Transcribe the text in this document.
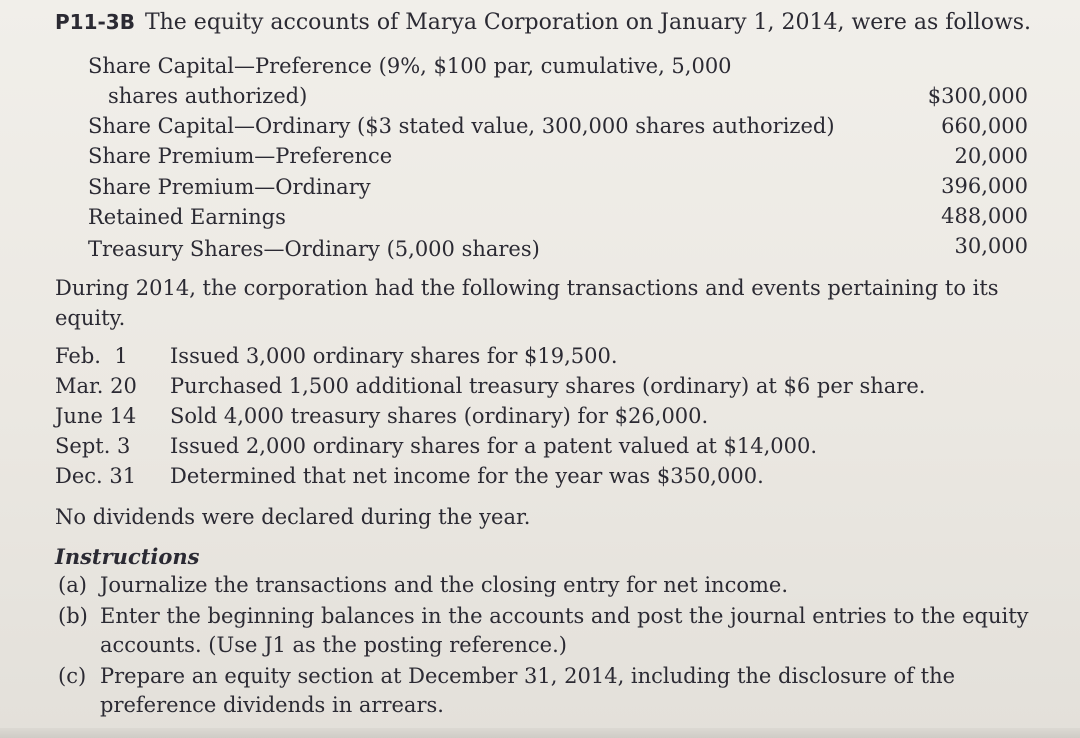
P11-3B The equity accounts of Marya Corporation on January 1, 2014, were as follows.
Share Capital—Preference (9%, $100 par, cumulative, 5,000
shares authorized)	$300,000
Share Capital—Ordinary ($3 stated value, 300,000 shares authorized)	660,000
Share Premium—Preference	20,000
Share Premium—Ordinary	396,000
Retained Earnings	488,000
Treasury Shares—Ordinary (5,000 shares)	30,000
During 2014, the corporation had the following transactions and events pertaining to its
equity.
Feb.  1 Issued 3,000 ordinary shares for $19,500.
Mar. 20 Purchased 1,500 additional treasury shares (ordinary) at $6 per share.
June 14 Sold 4,000 treasury shares (ordinary) for $26,000.
Sept. 3 Issued 2,000 ordinary shares for a patent valued at $14,000.
Dec. 31 Determined that net income for the year was $350,000.
No dividends were declared during the year.
Instructions
(a) Journalize the transactions and the closing entry for net income.
(b) Enter the beginning balances in the accounts and post the journal entries to the equity
accounts. (Use J1 as the posting reference.)
(c) Prepare an equity section at December 31, 2014, including the disclosure of the
preference dividends in arrears.
